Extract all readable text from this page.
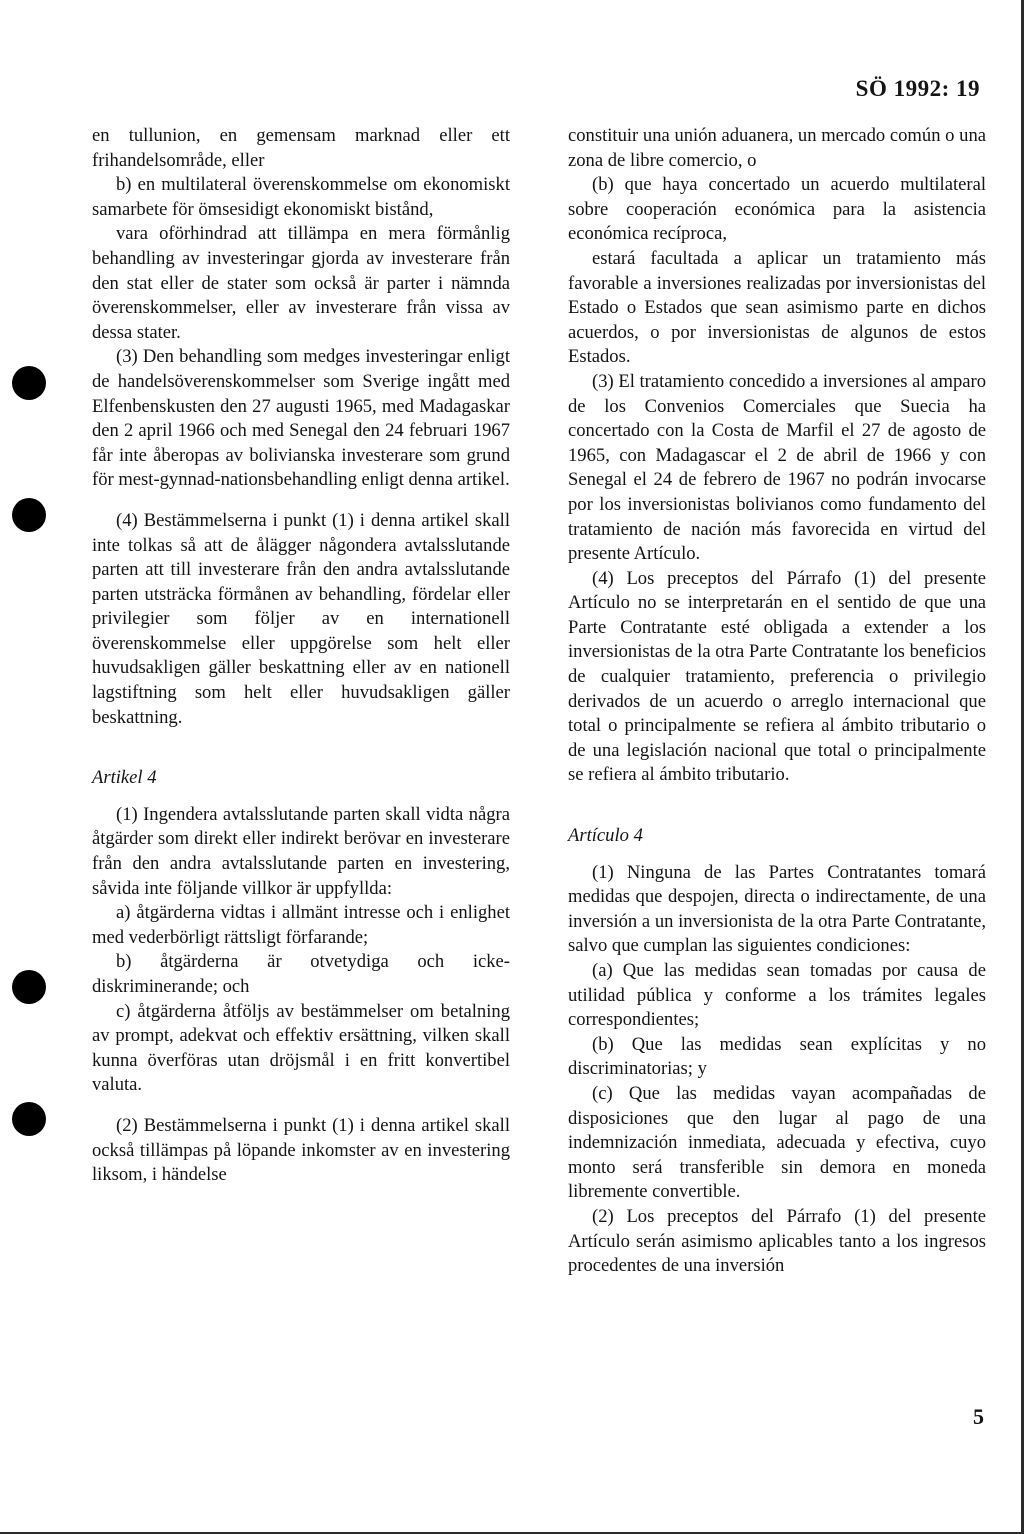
SÖ 1992: 19

en tullunion, en gemensam marknad eller ett frihandelsområde, eller

b) en multilateral överenskommelse om ekonomiskt samarbete för ömsesidigt ekonomiskt bistånd,

vara oförhindrad att tillämpa en mera förmånlig behandling av investeringar gjorda av investerare från den stat eller de stater som också är parter i nämnda överenskommelser, eller av investerare från vissa av dessa stater.

(3) Den behandling som medges investeringar enligt de handelsöverenskommelser som Sverige ingått med Elfenbenskusten den 27 augusti 1965, med Madagaskar den 2 april 1966 och med Senegal den 24 februari 1967 får inte åberopas av bolivianska investerare som grund för mest-gynnad-nationsbehandling enligt denna artikel.

(4) Bestämmelserna i punkt (1) i denna artikel skall inte tolkas så att de ålägger någondera avtalsslutande parten att till investerare från den andra avtalsslutande parten utsträcka förmånen av behandling, fördelar eller privilegier som följer av en internationell överenskommelse eller uppgörelse som helt eller huvudsakligen gäller beskattning eller av en nationell lagstiftning som helt eller huvudsakligen gäller beskattning.

Artikel 4

(1) Ingendera avtalsslutande parten skall vidta några åtgärder som direkt eller indirekt berövar en investerare från den andra avtalsslutande parten en investering, såvida inte följande villkor är uppfyllda:

a) åtgärderna vidtas i allmänt intresse och i enlighet med vederbörligt rättsligt förfarande;

b) åtgärderna är otvetydiga och icke-diskriminerande; och

c) åtgärderna åtföljs av bestämmelser om betalning av prompt, adekvat och effektiv ersättning, vilken skall kunna överföras utan dröjsmål i en fritt konvertibel valuta.

(2) Bestämmelserna i punkt (1) i denna artikel skall också tillämpas på löpande inkomster av en investering liksom, i händelse

constituir una unión aduanera, un mercado común o una zona de libre comercio, o

(b) que haya concertado un acuerdo multilateral sobre cooperación económica para la asistencia económica recíproca,

estará facultada a aplicar un tratamiento más favorable a inversiones realizadas por inversionistas del Estado o Estados que sean asimismo parte en dichos acuerdos, o por inversionistas de algunos de estos Estados.

(3) El tratamiento concedido a inversiones al amparo de los Convenios Comerciales que Suecia ha concertado con la Costa de Marfil el 27 de agosto de 1965, con Madagascar el 2 de abril de 1966 y con Senegal el 24 de febrero de 1967 no podrán invocarse por los inversionistas bolivianos como fundamento del tratamiento de nación más favorecida en virtud del presente Artículo.

(4) Los preceptos del Párrafo (1) del presente Artículo no se interpretarán en el sentido de que una Parte Contratante esté obligada a extender a los inversionistas de la otra Parte Contratante los beneficios de cualquier tratamiento, preferencia o privilegio derivados de un acuerdo o arreglo internacional que total o principalmente se refiera al ámbito tributario o de una legislación nacional que total o principalmente se refiera al ámbito tributario.

Artículo 4

(1) Ninguna de las Partes Contratantes tomará medidas que despojen, directa o indirectamente, de una inversión a un inversionista de la otra Parte Contratante, salvo que cumplan las siguientes condiciones:

(a) Que las medidas sean tomadas por causa de utilidad pública y conforme a los trámites legales correspondientes;

(b) Que las medidas sean explícitas y no discriminatorias; y

(c) Que las medidas vayan acompañadas de disposiciones que den lugar al pago de una indemnización inmediata, adecuada y efectiva, cuyo monto será transferible sin demora en moneda libremente convertible.

(2) Los preceptos del Párrafo (1) del presente Artículo serán asimismo aplicables tanto a los ingresos procedentes de una inversión

5
